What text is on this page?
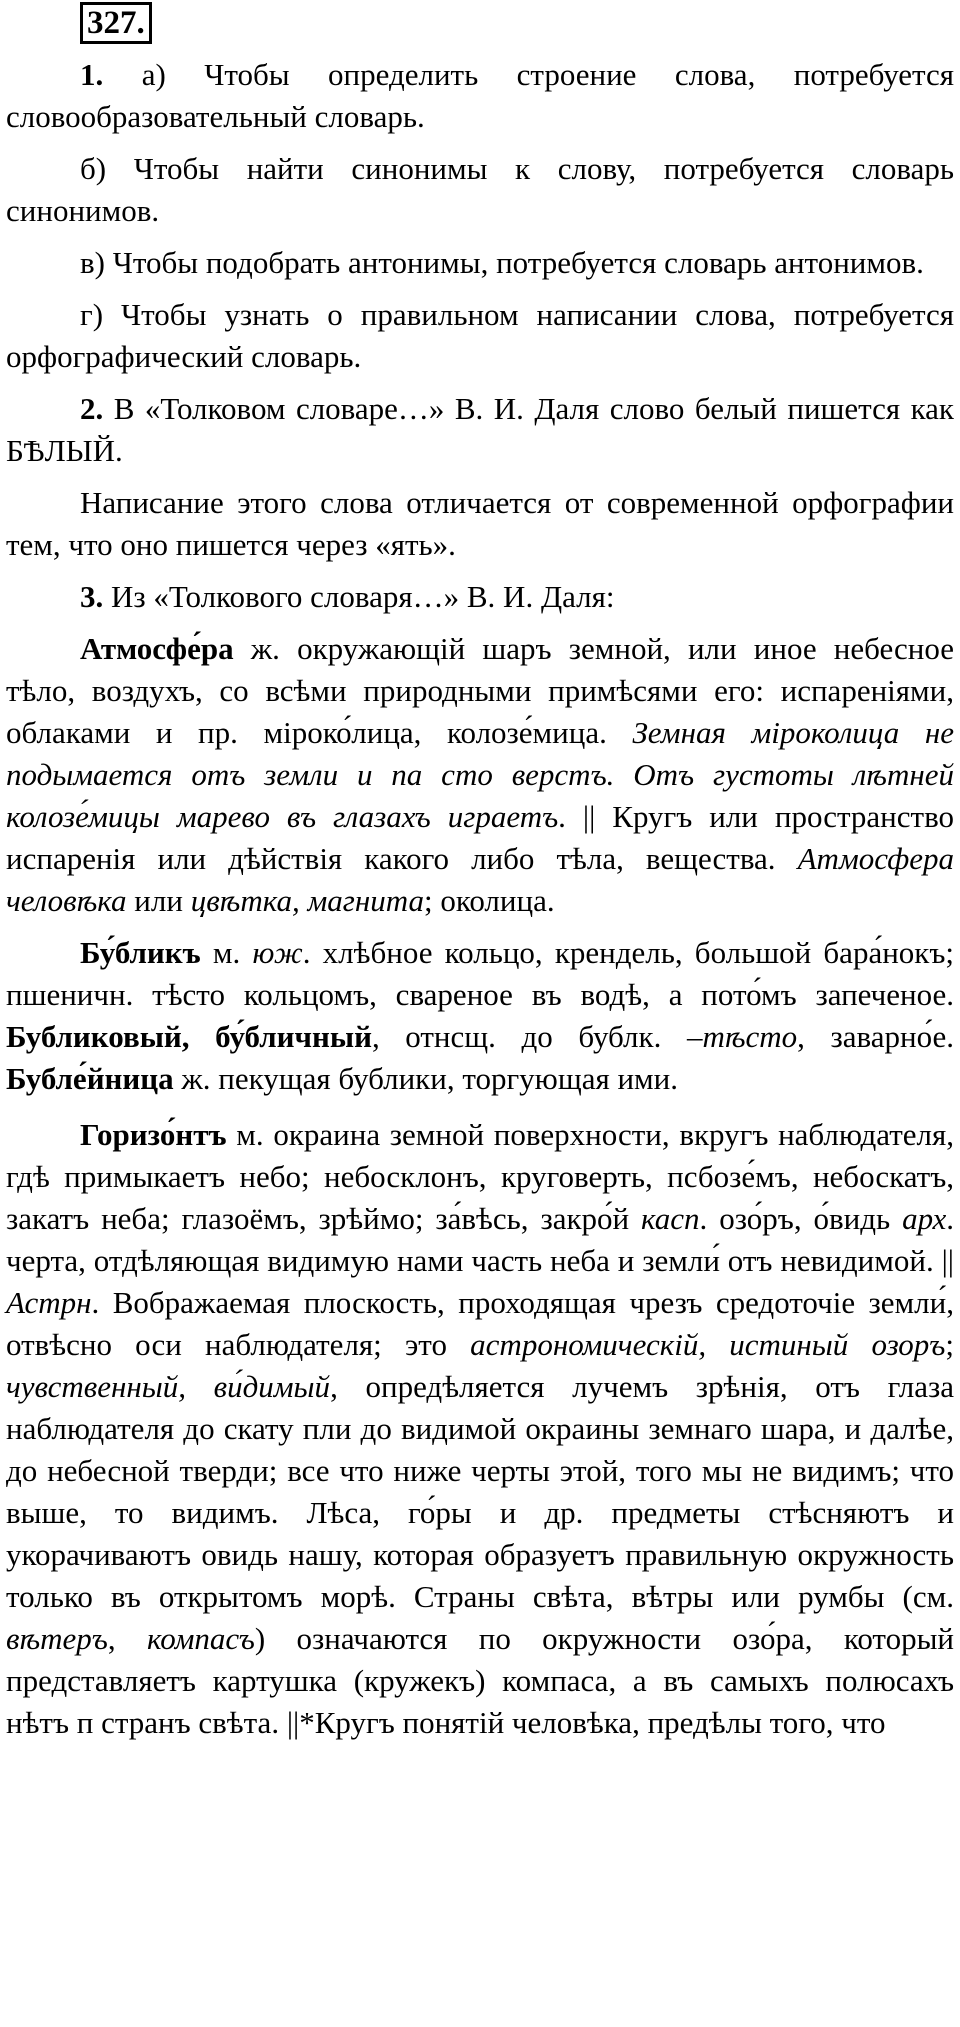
327.

1. а) Чтобы определить строение слова, потребуется словообразовательный словарь.

б) Чтобы найти синонимы к слову, потребуется словарь синонимов.

в) Чтобы подобрать антонимы, потребуется словарь антонимов.

г) Чтобы узнать о правильном написании слова, потребуется орфографический словарь.

2. В «Толковом словаре…» В. И. Даля слово белый пишется как БѢЛЫЙ.

Написание этого слова отличается от современной орфографии тем, что оно пишется через «ять».

3. Из «Толкового словаря…» В. И. Даля:

Атмосфе́ра ж. окружающій шаръ земной, или иное небесное тѣло, воздухъ, со всѣми природными примѣсями его: испареніями, облаками и пр. міроко́лица, колозе́мица. Земная міроколица не подымается отъ земли и па сто верстъ. Отъ густоты лѣтней колозе́мицы марево въ глазахъ играетъ. || Кругъ или пространство испаренія или дѣйствія какого либо тѣла, вещества. Атмосфера человѣка или цвѣтка, магнита; околица.

Бу́бликъ м. юж. хлѣбное кольцо, крендель, большой бара́нокъ; пшеничн. тѣсто кольцомъ, свареное въ водѣ, а пото́мъ запеченое. Бубликовый, бу́бличный, отнсщ. до бублк. –тѣсто, заварно́е. Бубле́йница ж. пекущая бублики, торгующая ими.

Горизо́нтъ м. окраина земной поверхности, вкругъ наблюдателя, гдѣ примыкаетъ небо; небосклонъ, круговерть, псбозе́мъ, небоскатъ, закатъ неба; глазоёмъ, зрѣймо; за́вѣсь, закро́й касп. озо́ръ, о́видь арх. черта, отдѣляющая видимую нами часть неба и земли́ отъ невидимой. || Астрн. Вображаемая плоскость, проходящая чрезъ средоточіе земли́, отвѣсно оси наблюдателя; это астрономическій, истиный озоръ; чувственный, ви́димый, опредѣляется лучемъ зрѣнія, отъ глаза наблюдателя до скату пли до видимой окраины земнаго шара, и далѣе, до небесной тверди; все что ниже черты этой, того мы не видимъ; что выше, то видимъ. Лѣса, го́ры и др. предметы стѣсняютъ и укорачиваютъ овидь нашу, которая образуетъ правильную окружность только въ открытомъ морѣ. Страны свѣта, вѣтры или румбы (см. вѣтеръ, компасъ) означаются по окружности озо́ра, который представляетъ картушка (кружекъ) компаса, а въ самыхъ полюсахъ нѣтъ п странъ свѣта. ||*Кругъ понятій человѣка, предѣлы того, что
